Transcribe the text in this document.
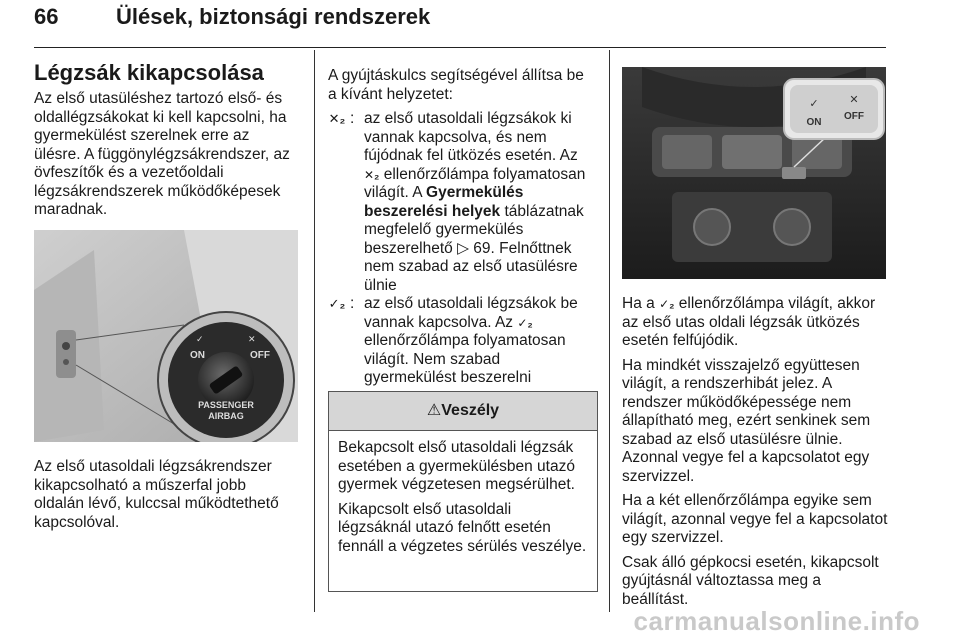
66	Ülések, biztonsági rendszerek
Légzsák kikapcsolása

Az első utasüléshez tartozó első- és oldallégzsákokat ki kell kapcsolni, ha gyermekülést szerelnek erre az ülésre. A függönylégzsákrendszer, az övfeszítők és a vezetőoldali légzsákrendszerek működőképesek maradnak.

✓
ON
✕
OFF
PASSENGER
AIRBAG

Az első utasoldali légzsákrendszer kikapcsolható a műszerfal jobb oldalán lévő, kulccsal működtethető kapcsolóval.

A gyújtáskulcs segítségével állítsa be a kívánt helyzetet:

✕₂ : az első utasoldali légzsákok ki vannak kapcsolva, és nem fújódnak fel ütközés esetén. Az
✕₂ ellenőrzőlámpa folyamatosan világít. A Gyermekülés beszerelési helyek táblázatnak megfelelő gyermekülés beszerelhető ▷ 69. Felnőttnek nem szabad az első utasülésre ülnie
✓₂ : az első utasoldali légzsákok be vannak kapcsolva. Az ✓₂
ellenőrzőlámpa folyamatosan világít. Nem szabad gyermekülést beszerelni
⚠Veszély

Bekapcsolt első utasoldali légzsák esetében a gyermekülésben utazó gyermek végzetesen megsérülhet.

Kikapcsolt első utasoldali légzsáknál utazó felnőtt esetén fennáll a végzetes sérülés veszélye.

✓
ON
✕
OFF

Ha a ✓₂ ellenőrzőlámpa világít, akkor az első utas oldali légzsák ütközés esetén felfújódik.

Ha mindkét visszajelző együttesen világít, a rendszerhibát jelez. A rendszer működőképessége nem állapítható meg, ezért senkinek sem szabad az első utasülésre ülnie. Azonnal vegye fel a kapcsolatot egy szervizzel.

Ha a két ellenőrzőlámpa egyike sem világít, azonnal vegye fel a kapcsolatot egy szervizzel.

Csak álló gépkocsi esetén, kikapcsolt gyújtásnál változtassa meg a beállítást.

carmanualsonline.info
